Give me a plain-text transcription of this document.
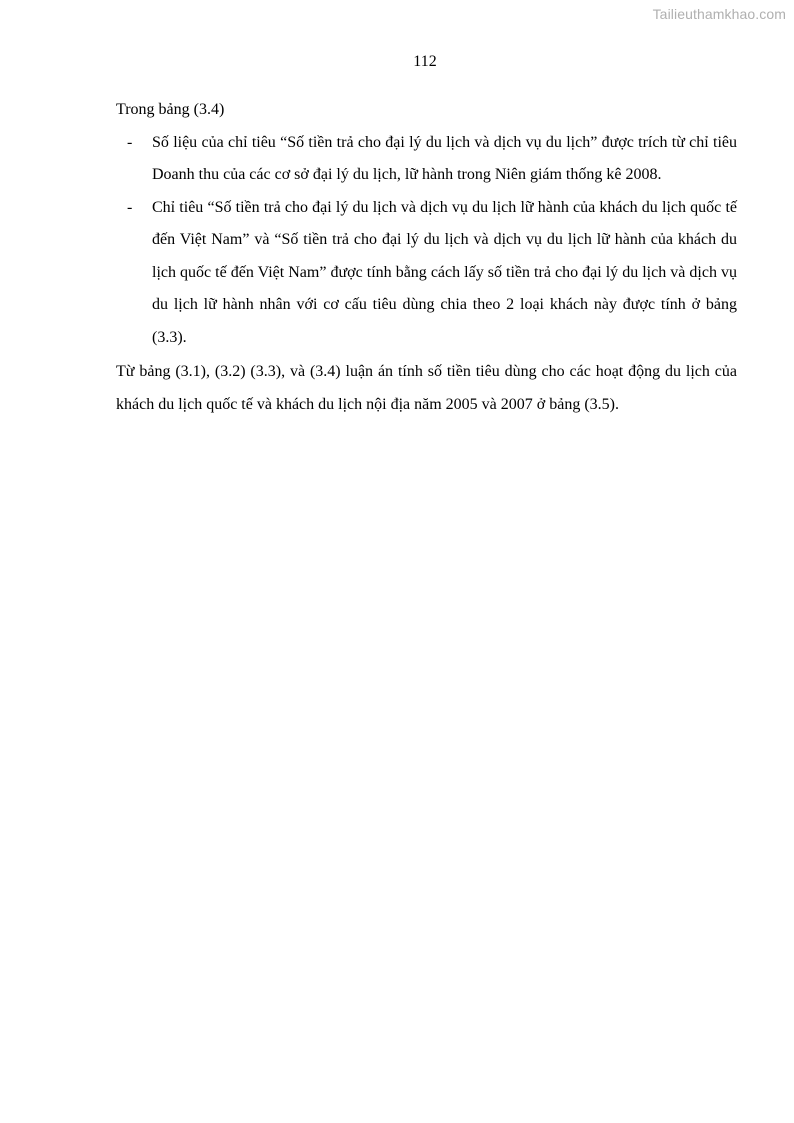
Tailieuthamkhao.com
112

Trong bảng (3.4)

- Số liệu của chỉ tiêu “Số tiền trả cho đại lý du lịch và dịch vụ du lịch” được trích từ chỉ tiêu Doanh thu của các cơ sở đại lý du lịch, lữ hành trong Niên giám thống kê 2008.
- Chỉ tiêu “Số tiền trả cho đại lý du lịch và dịch vụ du lịch lữ hành của khách du lịch quốc tế đến Việt Nam” và “Số tiền trả cho đại lý du lịch và dịch vụ du lịch lữ hành của khách du lịch quốc tế đến Việt Nam” được tính bằng cách lấy số tiền trả cho đại lý du lịch và dịch vụ du lịch lữ hành nhân với cơ cấu tiêu dùng chia theo 2 loại khách này được tính ở bảng (3.3).

Từ bảng (3.1), (3.2) (3.3), và (3.4) luận án tính số tiền tiêu dùng cho các hoạt động du lịch của khách du lịch quốc tế và khách du lịch nội địa năm 2005 và 2007 ở bảng (3.5).
